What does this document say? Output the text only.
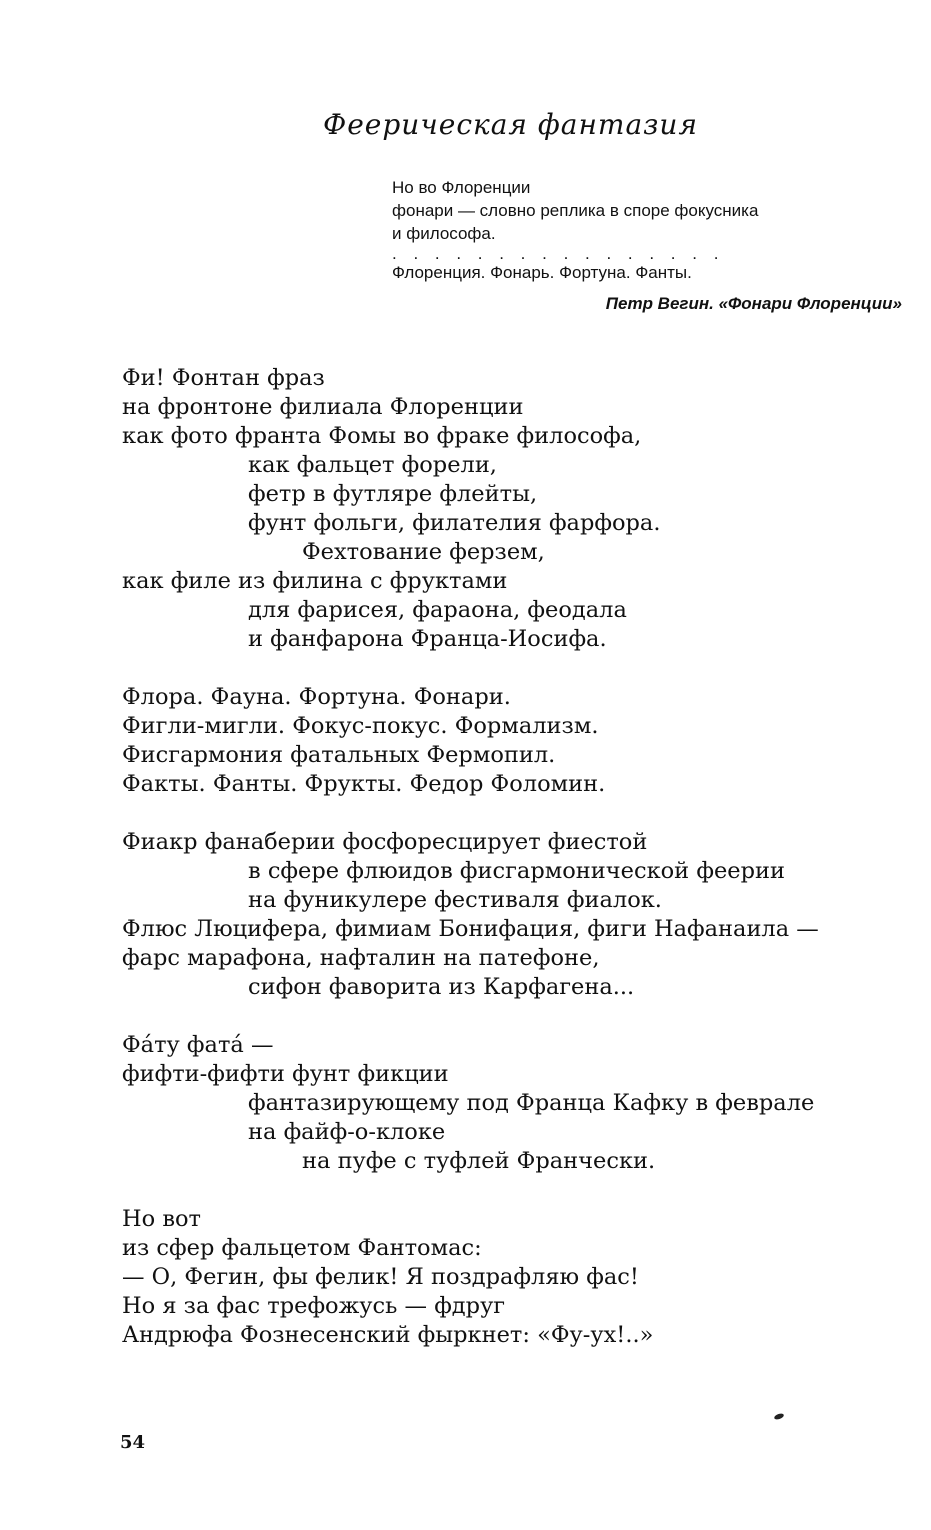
Феерическая фантазия
Но во Флоренции
фонари — словно реплика в споре фокусника
и философа.
. . . . . . . . . . . . . . . .
Флоренция. Фонарь. Фортуна. Фанты.
Петр Вегин. «Фонари Флоренции»
Фи! Фонтан фраз
на фронтоне филиала Флоренции
как фото франта Фомы во фраке философа,
как фальцет форели,
фетр в футляре флейты,
фунт фольги, филателия фарфора.
Фехтование ферзем,
как филе из филина с фруктами
для фарисея, фараона, феодала
и фанфарона Франца-Иосифа.
Флора. Фауна. Фортуна. Фонари.
Фигли-мигли. Фокус-покус. Формализм.
Фисгармония фатальных Фермопил.
Факты. Фанты. Фрукты. Федор Фоломин.
Фиакр фанаберии фосфоресцирует фиестой
в сфере флюидов фисгармонической феерии
на фуникулере фестиваля фиалок.
Флюс Люцифера, фимиам Бонифация, фиги Нафанаила —
фарс марафона, нафталин на патефоне,
сифон фаворита из Карфагена...
Фа́ту фата́ —
фифти-фифти фунт фикции
фантазирующему под Франца Кафку в феврале
на файф-о-клоке
на пуфе с туфлей Франчески.
Но вот
из сфер фальцетом Фантомас:
— О, Фегин, фы фелик! Я поздрафляю фас!
Но я за фас трефожусь — фдруг
Андрюфа Фознесенский фыркнет: «Фу-ух!..»
54
